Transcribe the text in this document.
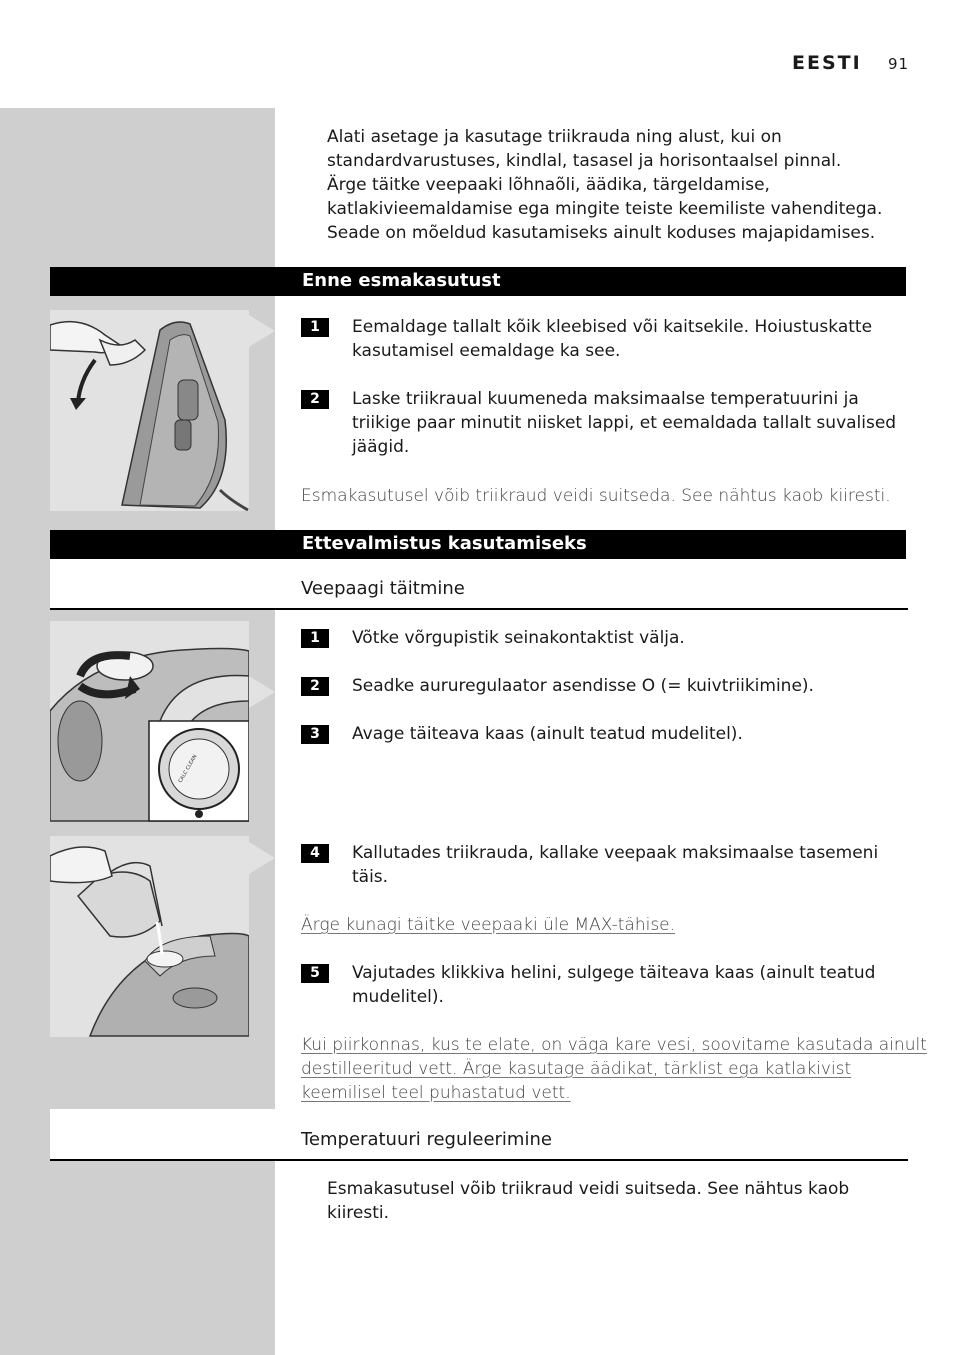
EESTI 91
Alati asetage ja kasutage triikrauda ning alust, kui on
standardvarustuses, kindlal, tasasel ja horisontaalsel pinnal.
Ärge täitke veepaaki lõhnaõli, äädika, tärgeldamise,
katlakivieemaldamise ega mingite teiste keemiliste vahenditega.
Seade on mõeldud kasutamiseks ainult koduses majapidamises.
Enne esmakasutust
1	Eemaldage tallalt kõik kleebised või kaitsekile. Hoiustuskatte
kasutamisel eemaldage ka see.

2	Laske triikraual kuumeneda maksimaalse temperatuurini ja
triikige paar minutit niisket lappi, et eemaldada tallalt suvalised
jäägid.

Esmakasutusel võib triikraud veidi suitseda. See nähtus kaob kiiresti.
Ettevalmistus kasutamiseks
Veepaagi täitmine
CALC CLEAN
1	Võtke võrgupistik seinakontaktist välja.

2	Seadke aururegulaator asendisse O (= kuivtriikimine).

3	Avage täiteava kaas (ainult teatud mudelitel).

4	Kallutades triikrauda, kallake veepaak maksimaalse tasemeni
täis.

Ärge kunagi täitke veepaaki üle MAX-tähise.
5	Vajutades klikkiva helini, sulgege täiteava kaas (ainult teatud
mudelitel).

Kui piirkonnas, kus te elate, on väga kare vesi, soovitame kasutada ainult
destilleeritud vett. Ärge kasutage äädikat, tärklist ega katlakivist
keemilisel teel puhastatud vett.
Temperatuuri reguleerimine
Esmakasutusel võib triikraud veidi suitseda. See nähtus kaob
kiiresti.
